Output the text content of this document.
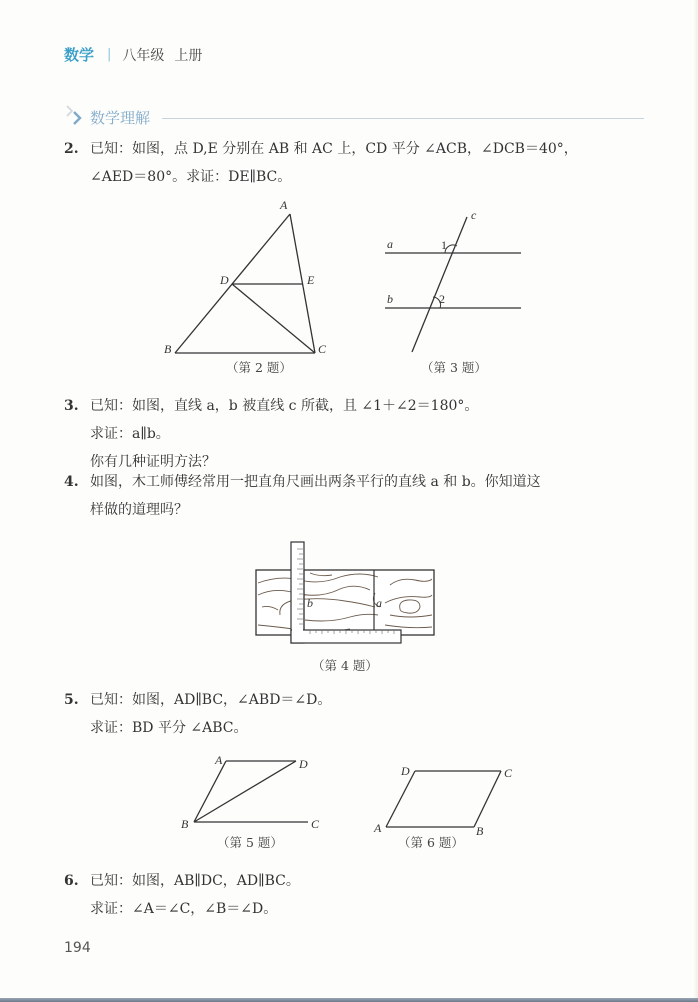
数学 | 八年级 上册
数学理解
2. 已知：如图，点 D,E 分别在 AB 和 AC 上，CD 平分 ∠ACB，∠DCB＝40°，
∠AED＝80°。求证：DE∥BC。
A
D	E
B	C
（第 2 题）
c
a
b
1
2
（第 3 题）
3. 已知：如图，直线 a，b 被直线 c 所截，且 ∠1＋∠2＝180°。
求证：a∥b。
你有几种证明方法？
4. 如图，木工师傅经常用一把直角尺画出两条平行的直线 a 和 b。你知道这
样做的道理吗？
b	a
（第 4 题）
5. 已知：如图，AD∥BC，∠ABD＝∠D。
求证：BD 平分 ∠ABC。
A	D
B	C
（第 5 题）
D	C
A	B
（第 6 题）
6. 已知：如图，AB∥DC，AD∥BC。
求证：∠A＝∠C，∠B＝∠D。
194
